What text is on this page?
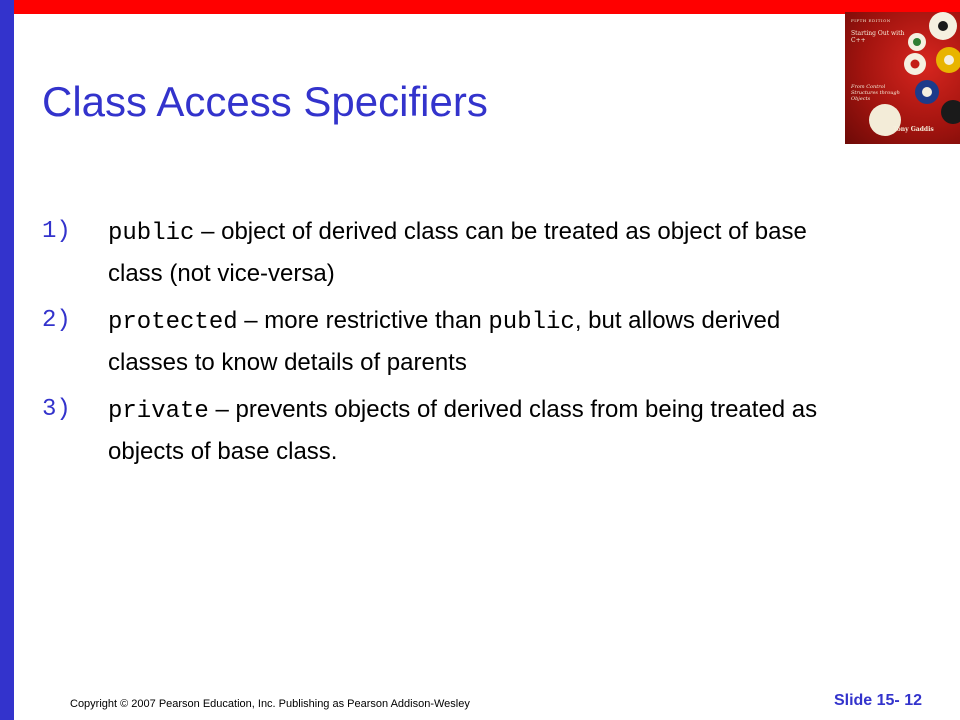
FIFTH EDITION
Starting Out with C++
From Control Structures through Objects
Tony Gaddis
Class Access Specifiers
1) public – object of derived class can be treated as object of base class (not vice-versa)
2) protected – more restrictive than public, but allows derived classes to know details of parents
3) private – prevents objects of derived class from being treated as objects of base class.
Copyright © 2007 Pearson Education, Inc. Publishing as Pearson Addison-Wesley	Slide 15- 12
